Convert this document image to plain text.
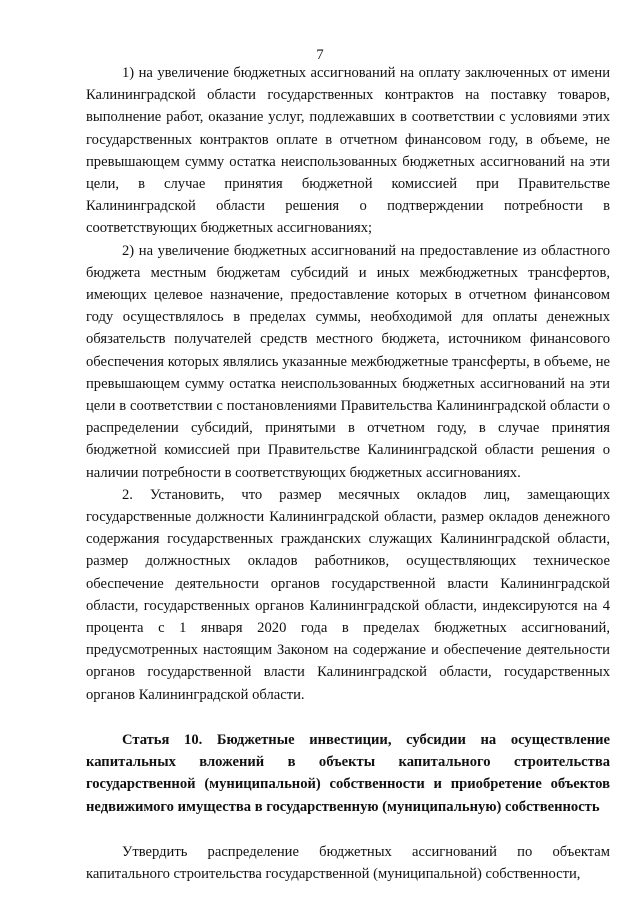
7

1) на увеличение бюджетных ассигнований на оплату заключенных от имени Калининградской области государственных контрактов на поставку товаров, выполнение работ, оказание услуг, подлежавших в соответствии с условиями этих государственных контрактов оплате в отчетном финансовом году, в объеме, не превышающем сумму остатка неиспользованных бюджетных ассигнований на эти цели, в случае принятия бюджетной комиссией при Правительстве Калининградской области решения о подтверждении потребности в соответствующих бюджетных ассигнованиях;

2) на увеличение бюджетных ассигнований на предоставление из областного бюджета местным бюджетам субсидий и иных межбюджетных трансфертов, имеющих целевое назначение, предоставление которых в отчетном финансовом году осуществлялось в пределах суммы, необходимой для оплаты денежных обязательств получателей средств местного бюджета, источником финансового обеспечения которых являлись указанные межбюджетные трансферты, в объеме, не превышающем сумму остатка неиспользованных бюджетных ассигнований на эти цели в соответствии с постановлениями Правительства Калининградской области о распределении субсидий, принятыми в отчетном году, в случае принятия бюджетной комиссией при Правительстве Калининградской области решения о наличии потребности в соответствующих бюджетных ассигнованиях.

2. Установить, что размер месячных окладов лиц, замещающих государственные должности Калининградской области, размер окладов денежного содержания государственных гражданских служащих Калининградской области, размер должностных окладов работников, осуществляющих техническое обеспечение деятельности органов государственной власти Калининградской области, государственных органов Калининградской области, индексируются на 4 процента с 1 января 2020 года в пределах бюджетных ассигнований, предусмотренных настоящим Законом на содержание и обеспечение деятельности органов государственной власти Калининградской области, государственных органов Калининградской области.

Статья 10. Бюджетные инвестиции, субсидии на осуществление капитальных вложений в объекты капитального строительства государственной (муниципальной) собственности и приобретение объектов недвижимого имущества в государственную (муниципальную) собственность

Утвердить распределение бюджетных ассигнований по объектам капитального строительства государственной (муниципальной) собственности,
